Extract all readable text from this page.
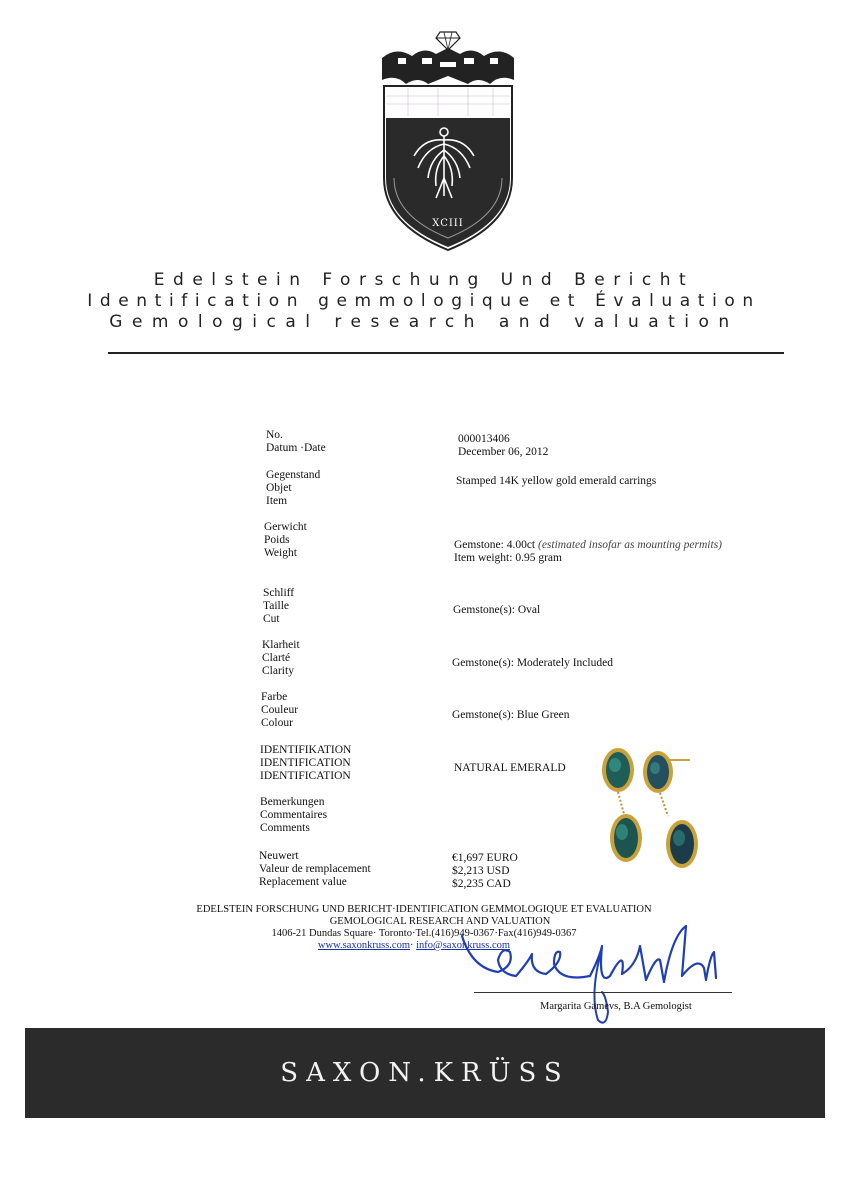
XCIII
Edelstein Forschung Und Bericht
Identification gemmologique et Évaluation
Gemological research and valuation
No.
Datum ·Date
000013406
December 06, 2012
Gegenstand
Objet
Item
Stamped 14K yellow gold emerald carrings
Gerwicht
Poids
Weight
Gemstone: 4.00ct (estimated insofar as mounting permits)
Item weight: 0.95 gram
Schliff
Taille
Cut
Gemstone(s): Oval
Klarheit
Clarté
Clarity
Gemstone(s): Moderately Included
Farbe
Couleur
Colour
Gemstone(s): Blue Green
IDENTIFIKATION
IDENTIFICATION
IDENTIFICATION
NATURAL EMERALD
Bemerkungen
Commentaires
Comments
Neuwert
Valeur de remplacement
Replacement value
€1,697 EURO
$2,213 USD
$2,235 CAD
EDELSTEIN FORSCHUNG UND BERICHT·IDENTIFICATION GEMMOLOGIQUE ET EVALUATION
GEMOLOGICAL RESEARCH AND VALUATION
1406-21 Dundas Square· Toronto·Tel.(416)949-0367·Fax(416)949-0367
www.saxonkruss.com· info@saxonkruss.com
Margarita Gamevs, B.A Gemologist
SAXON.KRÜSS
